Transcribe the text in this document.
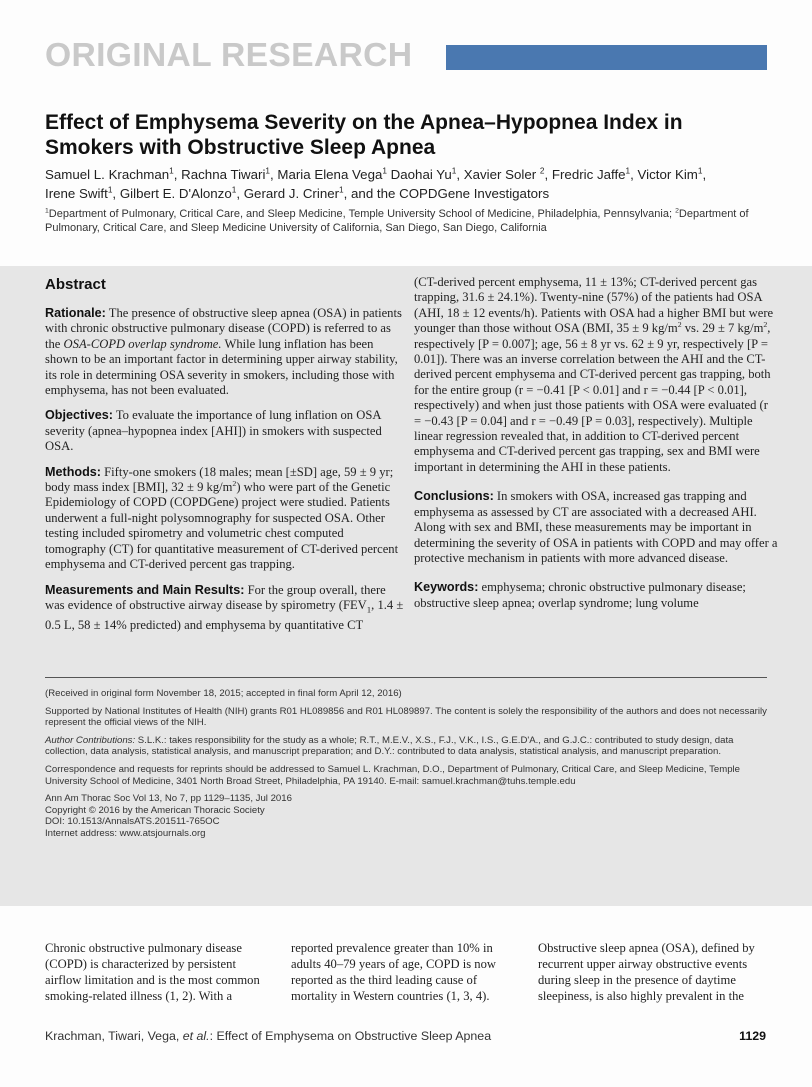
ORIGINAL RESEARCH
Effect of Emphysema Severity on the Apnea–Hypopnea Index in Smokers with Obstructive Sleep Apnea
Samuel L. Krachman$^1$, Rachna Tiwari$^1$, Maria Elena Vega$^1$ Daohai Yu$^1$, Xavier Soler $^2$, Fredric Jaffe$^1$, Victor Kim$^1$,
Irene Swift$^1$, Gilbert E. D'Alonzo$^1$, Gerard J. Criner$^1$, and the COPDGene Investigators
$^1$Department of Pulmonary, Critical Care, and Sleep Medicine, Temple University School of Medicine, Philadelphia, Pennsylvania; $^2$Department of Pulmonary, Critical Care, and Sleep Medicine University of California, San Diego, San Diego, California
Abstract

Rationale: The presence of obstructive sleep apnea (OSA) in patients with chronic obstructive pulmonary disease (COPD) is referred to as the OSA-COPD overlap syndrome. While lung inflation has been shown to be an important factor in determining upper airway stability, its role in determining OSA severity in smokers, including those with emphysema, has not been evaluated.

Objectives: To evaluate the importance of lung inflation on OSA severity (apnea–hypopnea index [AHI]) in smokers with suspected OSA.

Methods: Fifty-one smokers (18 males; mean [±SD] age, 59 ± 9 yr; body mass index [BMI], 32 ± 9 $kg/m^2$) who were part of the Genetic Epidemiology of COPD (COPDGene) project were studied. Patients underwent a full-night polysomnography for suspected OSA. Other testing included spirometry and volumetric chest computed tomography (CT) for quantitative measurement of CT-derived percent emphysema and CT-derived percent gas trapping.

Measurements and Main Results: For the group overall, there was evidence of obstructive airway disease by spirometry ($FEV_1$, 1.4 ± 0.5 L, 58 ± 14% predicted) and emphysema by quantitative CT

(CT-derived percent emphysema, 11 ± 13%; CT-derived percent gas trapping, 31.6 ± 24.1%). Twenty-nine (57%) of the patients had OSA (AHI, 18 ± 12 events/h). Patients with OSA had a higher BMI but were younger than those without OSA (BMI, 35 ± 9 $kg/m^2$ vs. 29 ± 7 $kg/m^2$, respectively [P = 0.007]; age, 56 ± 8 yr vs. 62 ± 9 yr, respectively [P = 0.01]). There was an inverse correlation between the AHI and the CT-derived percent emphysema and CT-derived percent gas trapping, both for the entire group (r = −0.41 [P < 0.01] and r = −0.44 [P < 0.01], respectively) and when just those patients with OSA were evaluated (r = −0.43 [P = 0.04] and r = −0.49 [P = 0.03], respectively). Multiple linear regression revealed that, in addition to CT-derived percent emphysema and CT-derived percent gas trapping, sex and BMI were important in determining the AHI in these patients.

Conclusions: In smokers with OSA, increased gas trapping and emphysema as assessed by CT are associated with a decreased AHI. Along with sex and BMI, these measurements may be important in determining the severity of OSA in patients with COPD and may offer a protective mechanism in patients with more advanced disease.

Keywords: emphysema; chronic obstructive pulmonary disease; obstructive sleep apnea; overlap syndrome; lung volume

(Received in original form November 18, 2015; accepted in final form April 12, 2016)

Supported by National Institutes of Health (NIH) grants R01 HL089856 and R01 HL089897. The content is solely the responsibility of the authors and does not necessarily represent the official views of the NIH.

Author Contributions: S.L.K.: takes responsibility for the study as a whole; R.T., M.E.V., X.S., F.J., V.K., I.S., G.E.D'A., and G.J.C.: contributed to study design, data collection, data analysis, statistical analysis, and manuscript preparation; and D.Y.: contributed to data analysis, statistical analysis, and manuscript preparation.

Correspondence and requests for reprints should be addressed to Samuel L. Krachman, D.O., Department of Pulmonary, Critical Care, and Sleep Medicine, Temple University School of Medicine, 3401 North Broad Street, Philadelphia, PA 19140. E-mail: samuel.krachman@tuhs.temple.edu

Ann Am Thorac Soc Vol 13, No 7, pp 1129–1135, Jul 2016
Copyright © 2016 by the American Thoracic Society
DOI: 10.1513/AnnalsATS.201511-765OC
Internet address: www.atsjournals.org

Chronic obstructive pulmonary disease (COPD) is characterized by persistent airflow limitation and is the most common smoking-related illness (1, 2). With a
reported prevalence greater than 10% in adults 40–79 years of age, COPD is now reported as the third leading cause of mortality in Western countries (1, 3, 4).
Obstructive sleep apnea (OSA), defined by recurrent upper airway obstructive events during sleep in the presence of daytime sleepiness, is also highly prevalent in the
Krachman, Tiwari, Vega, et al.: Effect of Emphysema on Obstructive Sleep Apnea	1129
